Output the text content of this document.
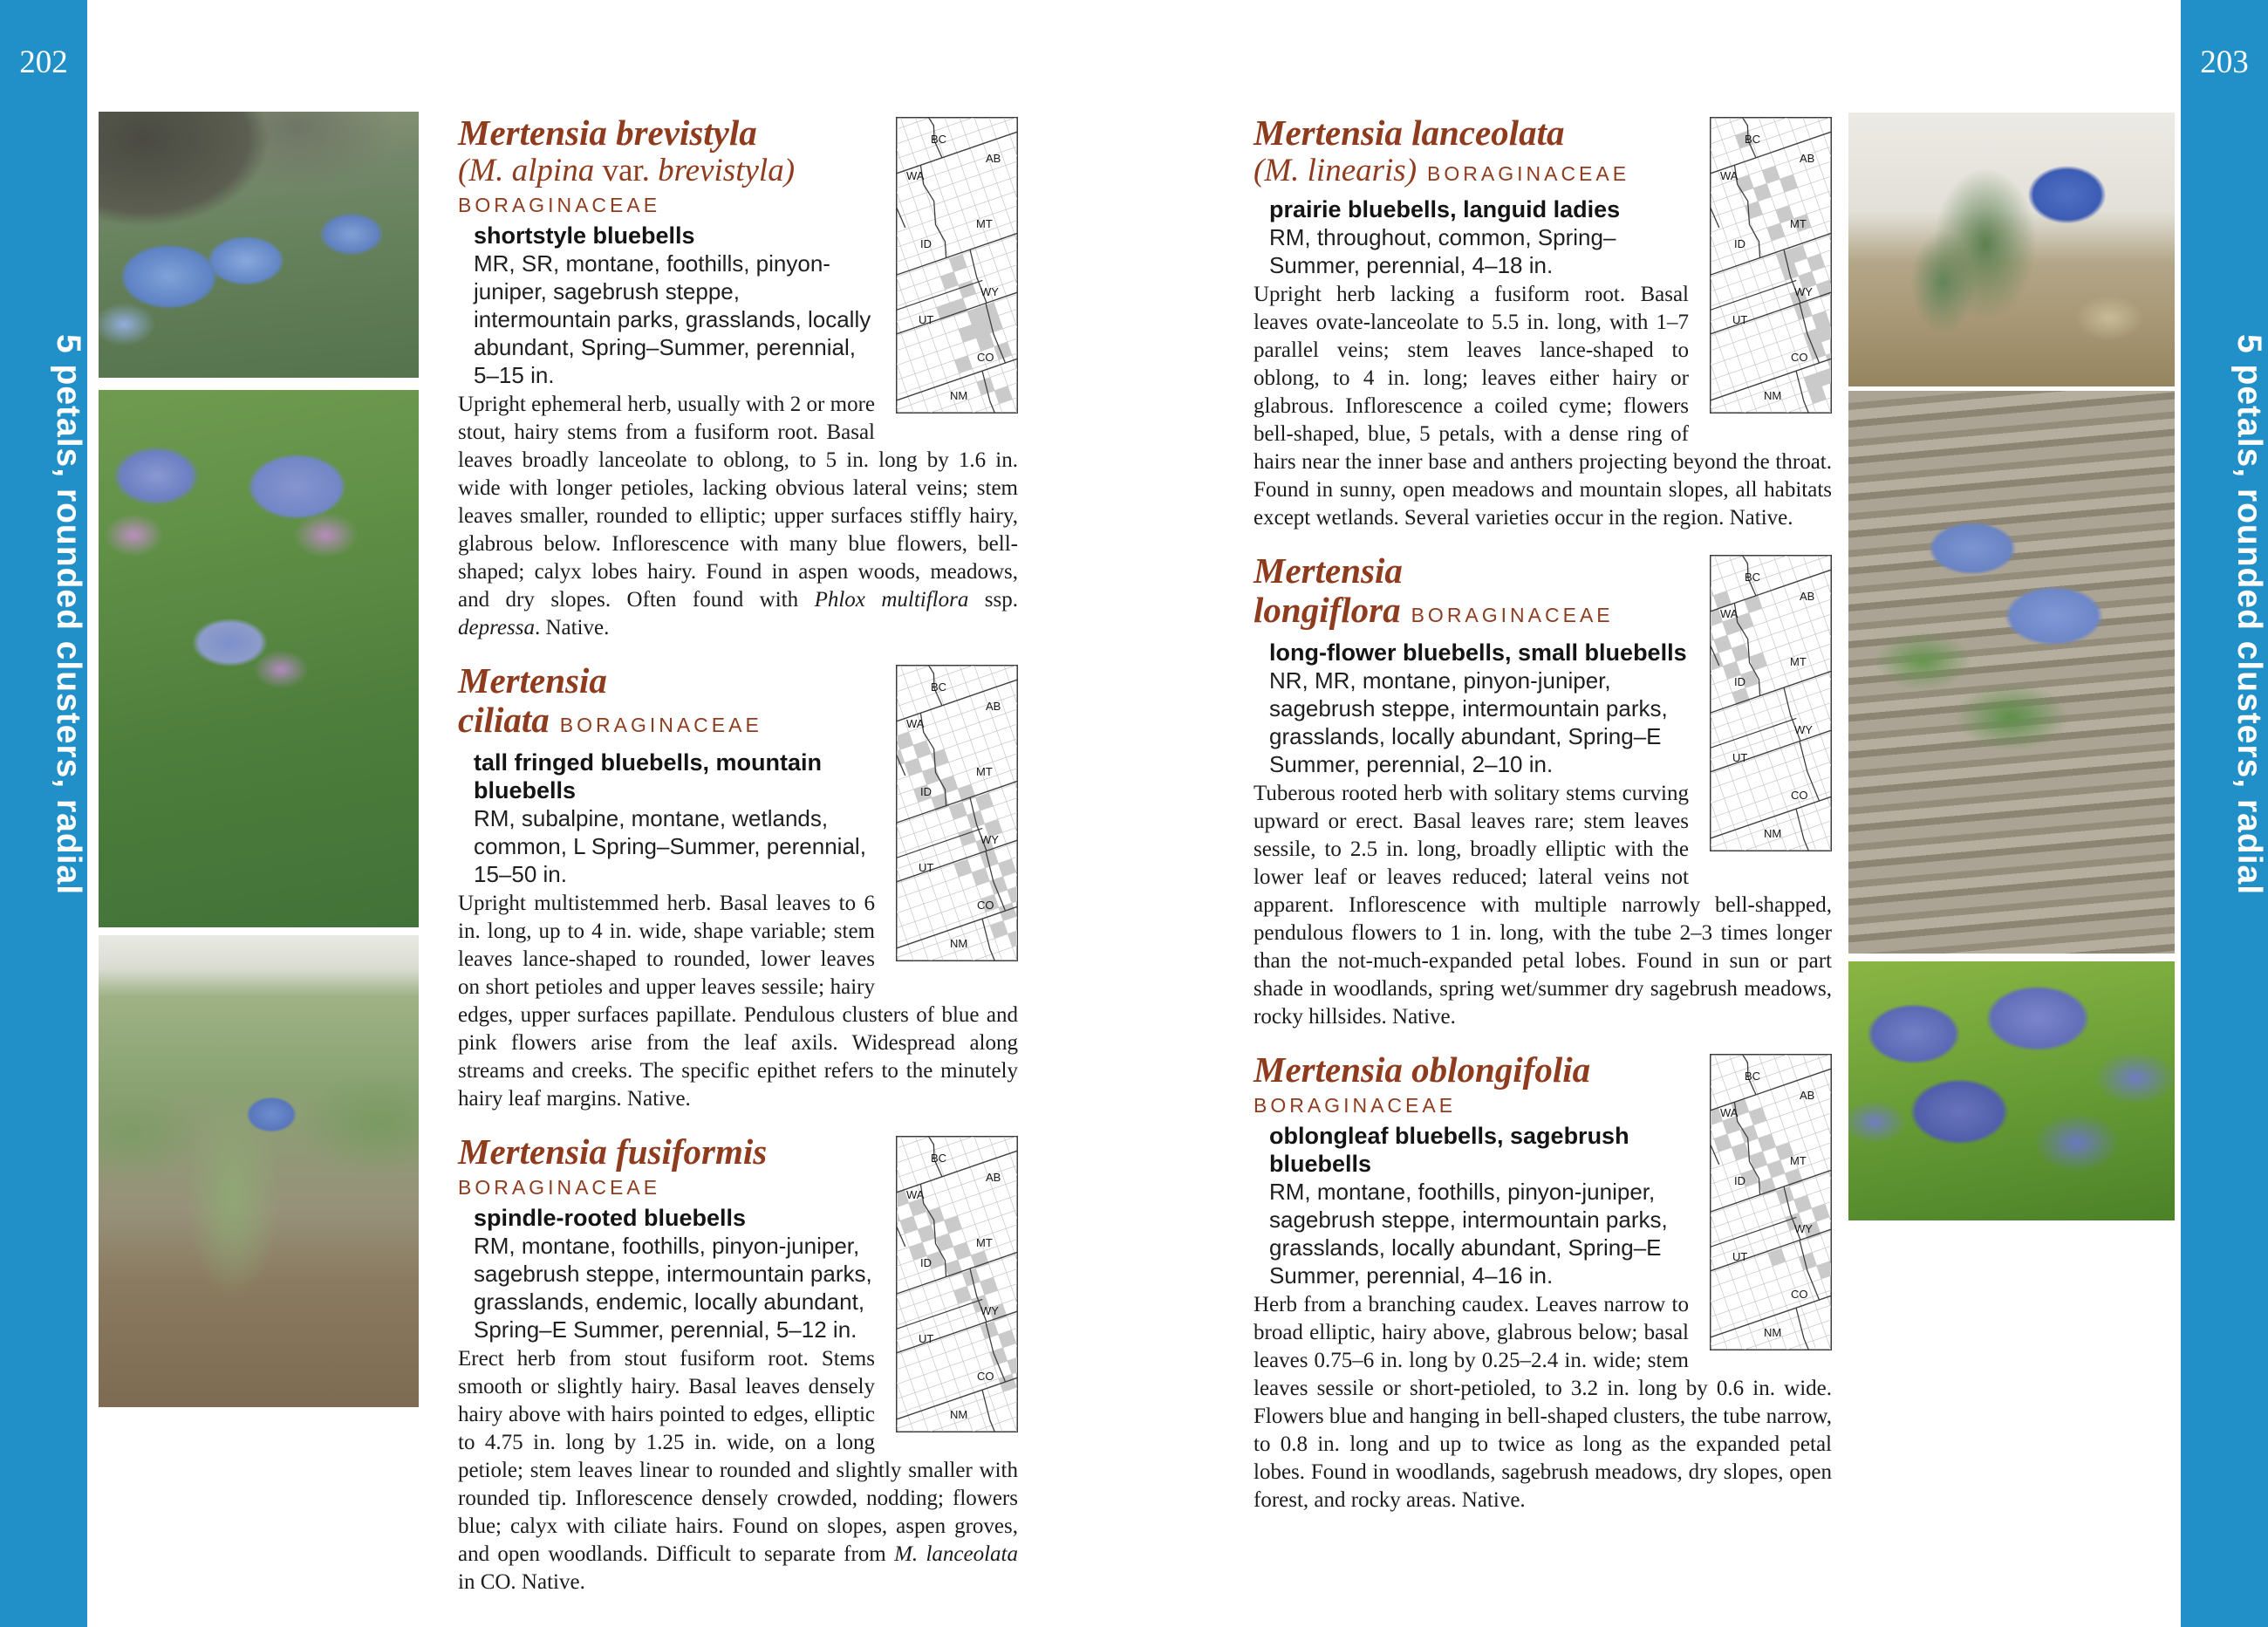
202
5 petals, rounded clusters, radial
203
5 petals, rounded clusters, radial
BC
AB
WA
MT
ID
WY
UT
CO
NM
Mertensia brevistyla
(M. alpina var. brevistyla)
BORAGINACEAE
shortstyle bluebells
MR, SR, montane, foothills, pinyon-juniper, sagebrush steppe, intermountain parks, grasslands, locally abundant, Spring–Summer, perennial, 5–15 in.

Upright ephemeral herb, usually with 2 or more stout, hairy stems from a fusiform root. Basal leaves broadly lanceolate to oblong, to 5 in. long by 1.6 in. wide with longer petioles, lacking obvious lateral veins; stem leaves smaller, rounded to elliptic; upper surfaces stiffly hairy, glabrous below. Inflorescence with many blue flowers, bell-shaped; calyx lobes hairy. Found in aspen woods, meadows, and dry slopes. Often found with Phlox multiflora ssp. depressa. Native.

BC
AB
WA
MT
ID
WY
UT
CO
NM
Mertensia ciliata BORAGINACEAE
tall fringed bluebells, mountain bluebells
RM, subalpine, montane, wetlands, common, L Spring–Summer, perennial, 15–50 in.

Upright multistemmed herb. Basal leaves to 6 in. long, up to 4 in. wide, shape variable; stem leaves lance-shaped to rounded, lower leaves on short petioles and upper leaves sessile; hairy edges, upper surfaces papillate. Pendulous clusters of blue and pink flowers arise from the leaf axils. Widespread along streams and creeks. The specific epithet refers to the minutely hairy leaf margins. Native.

BC
AB
WA
MT
ID
WY
UT
CO
NM
Mertensia fusiformis
BORAGINACEAE
spindle-rooted bluebells
RM, montane, foothills, pinyon-juniper, sagebrush steppe, intermountain parks, grasslands, endemic, locally abundant, Spring–E Summer, perennial, 5–12 in.

Erect herb from stout fusiform root. Stems smooth or slightly hairy. Basal leaves densely hairy above with hairs pointed to edges, elliptic to 4.75 in. long by 1.25 in. wide, on a long petiole; stem leaves linear to rounded and slightly smaller with rounded tip. Inflorescence densely crowded, nodding; flowers blue; calyx with ciliate hairs. Found on slopes, aspen groves, and open woodlands. Difficult to separate from M. lanceolata in CO. Native.

BC
AB
WA
MT
ID
WY
UT
CO
NM
Mertensia lanceolata
(M. linearis) BORAGINACEAE
prairie bluebells, languid ladies
RM, throughout, common, Spring–Summer, perennial, 4–18 in.

Upright herb lacking a fusiform root. Basal leaves ovate-lanceolate to 5.5 in. long, with 1–7 parallel veins; stem leaves lance-shaped to oblong, to 4 in. long; leaves either hairy or glabrous. Inflorescence a coiled cyme; flowers bell-shaped, blue, 5 petals, with a dense ring of hairs near the inner base and anthers projecting beyond the throat. Found in sunny, open meadows and mountain slopes, all habitats except wetlands. Several varieties occur in the region. Native.

BC
AB
WA
MT
ID
WY
UT
CO
NM
Mertensia longiflora BORAGINACEAE
long-flower bluebells, small bluebells
NR, MR, montane, pinyon-juniper, sagebrush steppe, intermountain parks, grasslands, locally abundant, Spring–E Summer, perennial, 2–10 in.

Tuberous rooted herb with solitary stems curving upward or erect. Basal leaves rare; stem leaves sessile, to 2.5 in. long, broadly elliptic with the lower leaf or leaves reduced; lateral veins not apparent. Inflorescence with multiple narrowly bell-shapped, pendulous flowers to 1 in. long, with the tube 2–3 times longer than the not-much-expanded petal lobes. Found in sun or part shade in woodlands, spring wet/summer dry sagebrush meadows, rocky hillsides. Native.

BC
AB
WA
MT
ID
WY
UT
CO
NM
Mertensia oblongifolia
BORAGINACEAE
oblongleaf bluebells, sagebrush bluebells
RM, montane, foothills, pinyon-juniper, sagebrush steppe, intermountain parks, grasslands, locally abundant, Spring–E Summer, perennial, 4–16 in.

Herb from a branching caudex. Leaves narrow to broad elliptic, hairy above, glabrous below; basal leaves 0.75–6 in. long by 0.25–2.4 in. wide; stem leaves sessile or short-petioled, to 3.2 in. long by 0.6 in. wide. Flowers blue and hanging in bell-shaped clusters, the tube narrow, to 0.8 in. long and up to twice as long as the expanded petal lobes. Found in woodlands, sagebrush meadows, dry slopes, open forest, and rocky areas. Native.
